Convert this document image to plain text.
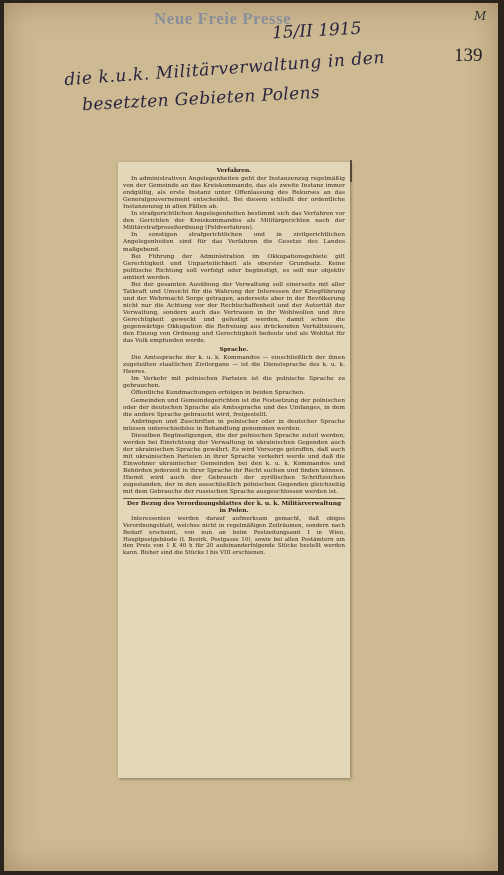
Neue Freie Presse
15/II 1915
M
139
die k.u.k. Militärverwaltung in den
besetzten Gebieten Polens
Verfahren.

In administrativen Angelegenheiten geht der Instanzenzug regelmäßig von der Gemeinde an das Kreiskommando, das als zweite Instanz immer endgültig, als erste Instanz unter Offenlassung des Rekurses an das Generalgouvernement entscheidet. Bei diesem schließt der ordentliche Instanzenzug in allen Fällen ab.

In strafgerichtlichen Angelegenheiten bestimmt sich das Verfahren vor den Gerichten der Kreiskommandos als Militärgerichten nach der Militärstrafprozeßordnung (Feldverfahren).

In sonstigen strafgerichtlichen und in zivilgerichtlichen Angelegenheiten sind für das Verfahren die Gesetze des Landes maßgebend.

Bei Führung der Administration im Okkupationsgebiete gilt Gerechtigkeit und Unparteilichkeit als oberster Grundsatz. Keine politische Richtung soll verfolgt oder begünstigt, es soll nur objektiv amtiert werden.

Bei der gesamten Ausübung der Verwaltung soll einerseits mit aller Tatkraft und Umsicht für die Wahrung der Interessen der Kriegführung und der Wehrmacht Sorge getragen, anderseits aber in der Bevölkerung nicht nur die Achtung vor der Rechtschaffenheit und der Autorität der Verwaltung, sondern auch das Vertrauen in ihr Wohlwollen und ihre Gerechtigkeit geweckt und gefestigt werden, damit schon die gegenwärtige Okkupation die Befreiung aus drückenden Verhältnissen, den Einzug von Ordnung und Gerechtigkeit bedeute und als Wohltat für das Volk empfunden werde.

Sprache.

Die Amtssprache der k. u. k. Kommandos — einschließlich der ihnen zugeteilten staatlichen Zivilorgane — ist die Dienstsprache des k. u. k. Heeres.

Im Verkehr mit polnischen Parteien ist die polnische Sprache zu gebrauchen.

Öffentliche Kundmachungen erfolgen in beiden Sprachen.

Gemeinden und Gemeindegerichten ist die Festsetzung der polnischen oder der deutschen Sprache als Amtssprache und des Umfanges, in dem die andere Sprache gebraucht wird, freigestellt.

Anbringen und Zuschriften in polnischer oder in deutscher Sprache müssen unterschiedslos in Behandlung genommen werden.

Dieselben Begünstigungen, die der polnischen Sprache zuteil werden, werden bei Einrichtung der Verwaltung in ukrainischen Gegenden auch der ukrainischen Sprache gewährt. Es wird Vorsorge getroffen, daß auch mit ukrainischen Parteien in ihrer Sprache verkehrt werde und daß die Einwohner ukrainischer Gemeinden bei den k. u. k. Kommandos und Behörden jederzeit in ihrer Sprache ihr Recht suchen und finden können. Hiemit wird auch der Gebrauch der zyrillischen Schriftzeichen zugestanden, der in den ausschließlich polnischen Gegenden gleichzeitig mit dem Gebrauche der russischen Sprache ausgeschlossen werden ist.

Der Bezug des Verordnungsblattes der k. u. k. Militärverwaltung in Polen.

Interessenten werden darauf aufmerksam gemacht, daß obiges Verordnungsblatt, welches nicht in regelmäßigen Zeiträumen, sondern nach Bedarf erscheint, von nun an beim Postzeitungsamt I in Wien, Hauptpostgebäude (I. Bezirk, Postgasse 10), sowie bei allen Postämtern um den Preis von 1 K 40 h für 20 aufeinanderfolgende Stücke bestellt werden kann. Bisher sind die Stücke I bis VIII erschienen.
